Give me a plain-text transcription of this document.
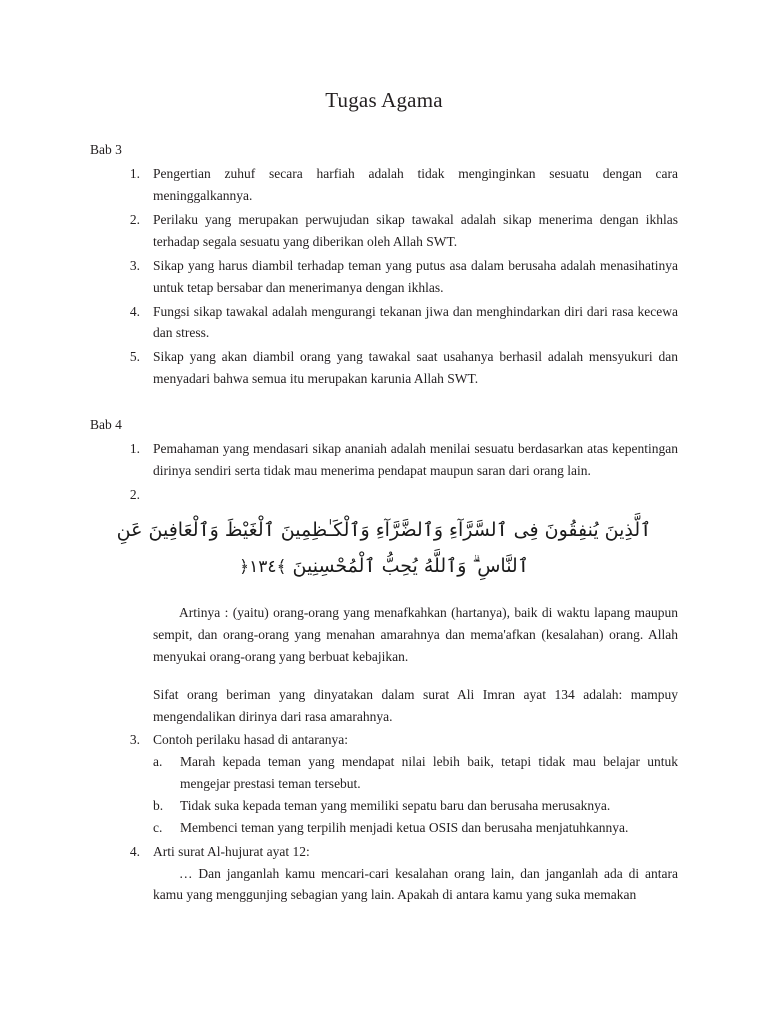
Tugas Agama
Bab 3
1. Pengertian zuhuf secara harfiah adalah tidak menginginkan sesuatu dengan cara meninggalkannya.
2. Perilaku yang merupakan perwujudan sikap tawakal adalah sikap menerima dengan ikhlas terhadap segala sesuatu yang diberikan oleh Allah SWT.
3. Sikap yang harus diambil terhadap teman yang putus asa dalam berusaha adalah menasihatinya untuk tetap bersabar dan menerimanya dengan ikhlas.
4. Fungsi sikap tawakal adalah mengurangi tekanan jiwa dan menghindarkan diri dari rasa kecewa dan stress.
5. Sikap yang akan diambil orang yang tawakal saat usahanya berhasil adalah mensyukuri dan menyadari bahwa semua itu merupakan karunia Allah SWT.
Bab 4
1. Pemahaman yang mendasari sikap ananiah adalah menilai sesuatu berdasarkan atas kepentingan dirinya sendiri serta tidak mau menerima pendapat maupun saran dari orang lain.
2.
ٱلَّذِينَ يُنفِقُونَ فِى ٱلسَّرَّآءِ وَٱلضَّرَّآءِ وَٱلْكَـٰظِمِينَ ٱلْغَيْظَ وَٱلْعَافِينَ عَنِ
ٱلنَّاسِ ۗ وَٱللَّهُ يُحِبُّ ٱلْمُحْسِنِينَ ﴾١٣٤﴿
Artinya : (yaitu) orang-orang yang menafkahkan (hartanya), baik di waktu lapang maupun sempit, dan orang-orang yang menahan amarahnya dan mema'afkan (kesalahan) orang. Allah menyukai orang-orang yang berbuat kebajikan.
Sifat orang beriman yang dinyatakan dalam surat Ali Imran ayat 134 adalah: mampuy mengendalikan dirinya dari rasa amarahnya.
3. Contoh perilaku hasad di antaranya:
a.	Marah kepada teman yang mendapat nilai lebih baik, tetapi tidak mau belajar untuk mengejar prestasi teman tersebut.
b.	Tidak suka kepada teman yang memiliki sepatu baru dan berusaha merusaknya.
c.	Membenci teman yang terpilih menjadi ketua OSIS dan berusaha menjatuhkannya.
4. Arti surat Al-hujurat ayat 12:
… Dan janganlah kamu mencari-cari kesalahan orang lain, dan janganlah ada di antara kamu yang menggunjing sebagian yang lain. Apakah di antara kamu yang suka memakan
